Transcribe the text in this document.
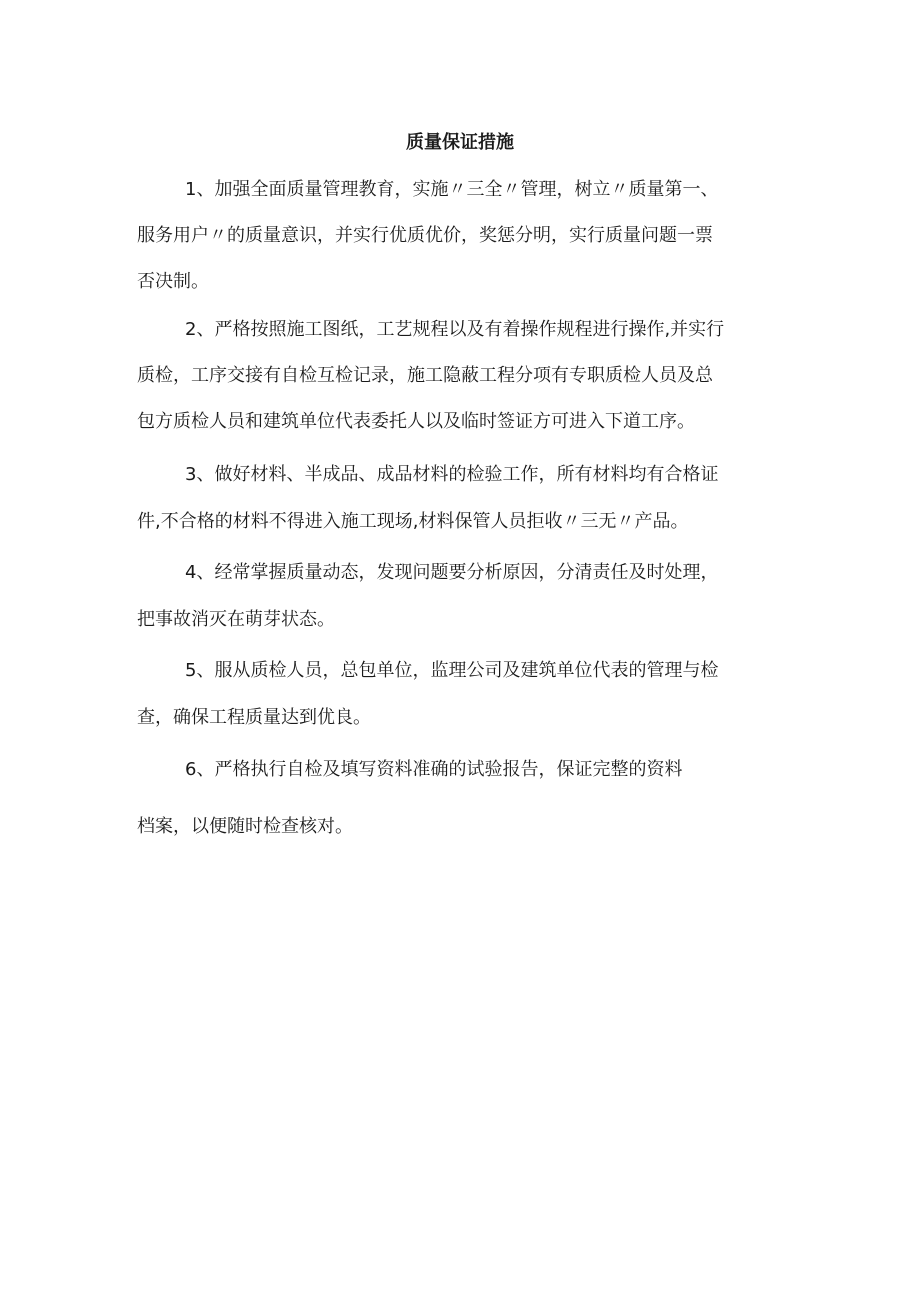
质量保证措施

1、加强全面质量管理教育，实施〃三全〃管理，树立〃质量第一、

服务用户〃的质量意识，并实行优质优价，奖惩分明，实行质量问题一票

否决制。

2、严格按照施工图纸，工艺规程以及有着操作规程进行操作,并实行

质检，工序交接有自检互检记录，施工隐蔽工程分项有专职质检人员及总

包方质检人员和建筑单位代表委托人以及临时签证方可进入下道工序。

3、做好材料、半成品、成品材料的检验工作，所有材料均有合格证

件,不合格的材料不得进入施工现场,材料保管人员拒收〃三无〃产品。

4、经常掌握质量动态，发现问题要分析原因，分清责任及时处理，

把事故消灭在萌芽状态。

5、服从质检人员，总包单位，监理公司及建筑单位代表的管理与检

查，确保工程质量达到优良。

6、严格执行自检及填写资料准确的试验报告，保证完整的资料

档案，以便随时检查核对。
